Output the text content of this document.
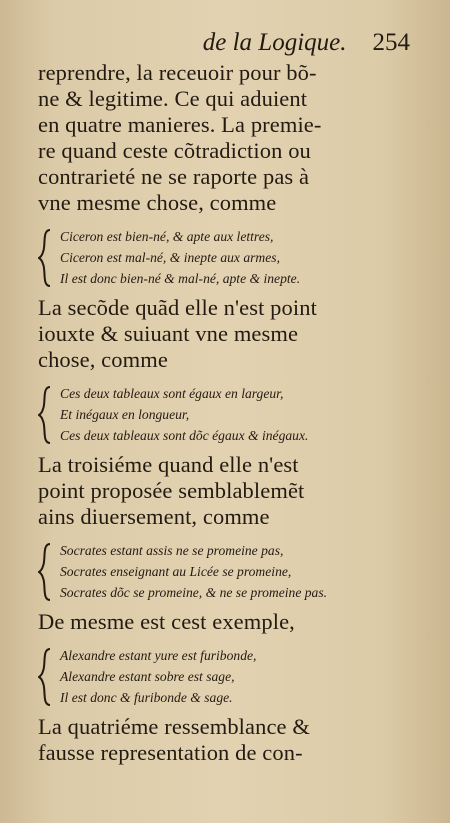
de la Logique. 254
reprendre, la receuoir pour bõ-
ne & legitime. Ce qui aduient
en quatre manieres. La premie-
re quand ceste cõtradiction ou
contrarieté ne se raporte pas à
vne mesme chose, comme
Ciceron est bien-né, & apte aux lettres,
Ciceron est mal-né, & inepte aux armes,
Il est donc bien-né & mal-né, apte & inepte.
La secõde quãd elle n'est point
iouxte & suiuant vne mesme
chose, comme
Ces deux tableaux sont égaux en largeur,
Et inégaux en longueur,
Ces deux tableaux sont dõc égaux & inégaux.
La troisiéme quand elle n'est
point proposée semblablemẽt
ains diuersement, comme
Socrates estant assis ne se promeine pas,
Socrates enseignant au Licée se promeine,
Socrates dõc se promeine, & ne se promeine pas.
De mesme est cest exemple,
Alexandre estant yure est furibonde,
Alexandre estant sobre est sage,
Il est donc & furibonde & sage.
La quatriéme ressemblance &
fausse representation de con-
